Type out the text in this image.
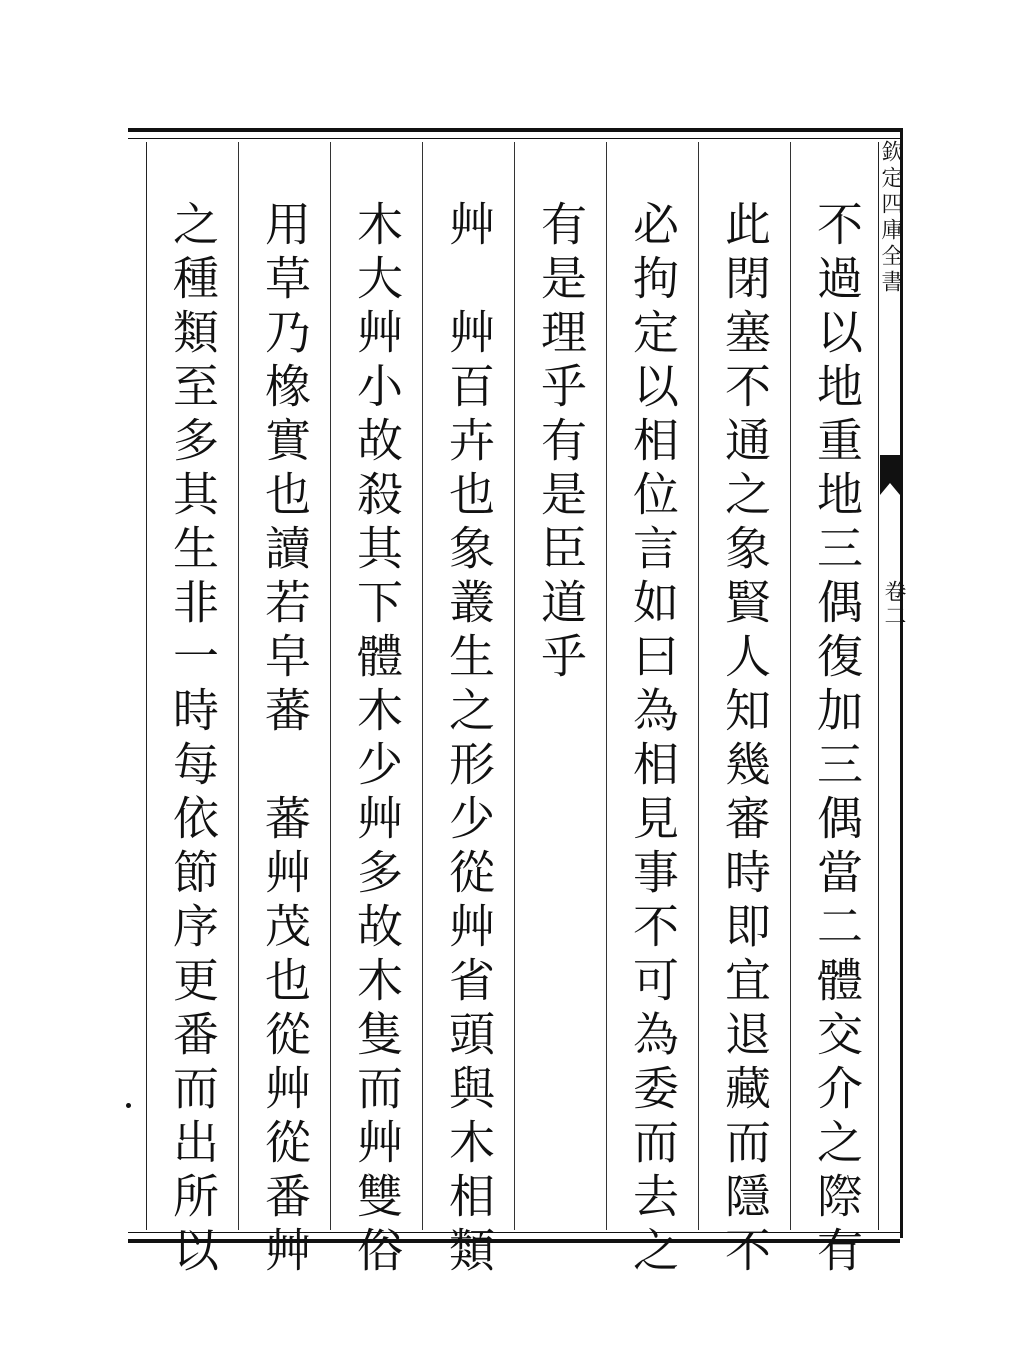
不過以地重地三偶復加三偶當二體交介之際有
此閉塞不通之象賢人知幾審時即宜退藏而隱不
必拘定以相位言如曰為相見事不可為委而去之
有是理乎有是臣道乎
艸　艸百卉也象叢生之形少從艸省頭與木相類
木大艸小故殺其下體木少艸多故木隻而艸雙俗
用草乃橡實也讀若皁蕃　蕃艸茂也從艸從番艸
之種類至多其生非一時每依節序更番而出所以	欽定四庫全書
卷二
